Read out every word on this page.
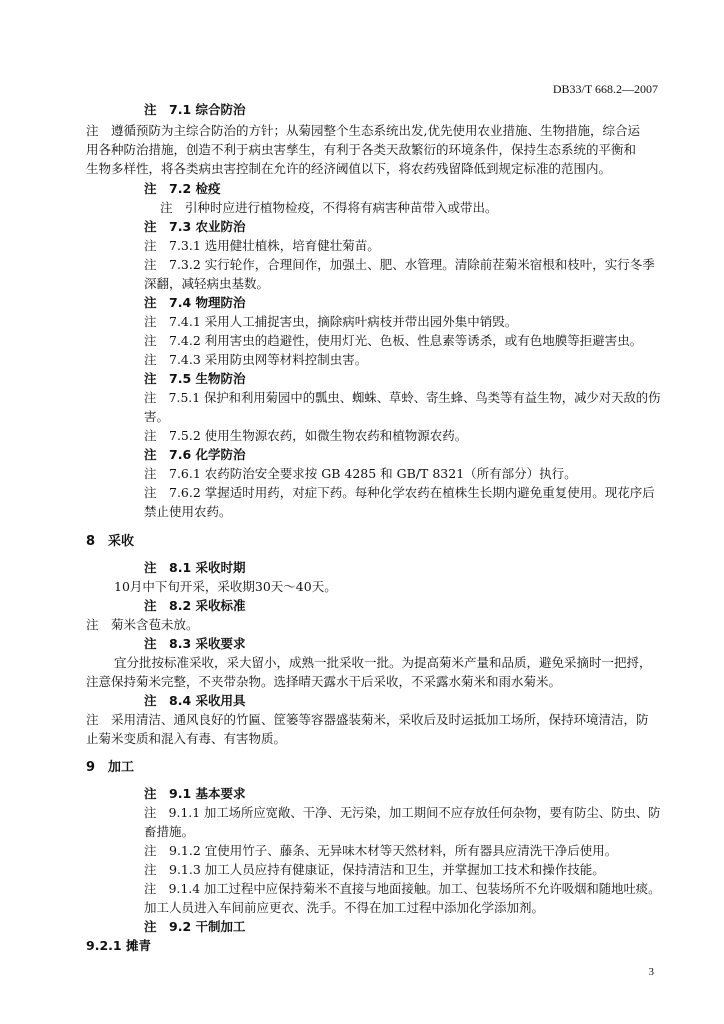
DB33/T 668.2—2007
注　7.1 综合防治
注　遵循预防为主综合防治的方针；从菊园整个生态系统出发,优先使用农业措施、生物措施，综合运
用各种防治措施，创造不利于病虫害孳生，有利于各类天敌繁衍的环境条件，保持生态系统的平衡和
生物多样性，将各类病虫害控制在允许的经济阈值以下，将农药残留降低到规定标准的范围内。
注　7.2 检疫
注　引种时应进行植物检疫，不得将有病害种苗带入或带出。
注　7.3 农业防治
注　7.3.1 选用健壮植株，培育健壮菊苗。
注　7.3.2 实行轮作，合理间作，加强土、肥、水管理。清除前茬菊米宿根和枝叶，实行冬季
深翻，减轻病虫基数。
注　7.4 物理防治
注　7.4.1 采用人工捕捉害虫，摘除病叶病枝并带出园外集中销毁。
注　7.4.2 利用害虫的趋避性，使用灯光、色板、性息素等诱杀，或有色地膜等拒避害虫。
注　7.4.3 采用防虫网等材料控制虫害。
注　7.5 生物防治
注　7.5.1 保护和利用菊园中的瓢虫、蜘蛛、草蛉、寄生蜂、鸟类等有益生物，减少对天敌的伤
害。
注　7.5.2 使用生物源农药，如微生物农药和植物源农药。
注　7.6 化学防治
注　7.6.1 农药防治安全要求按 GB 4285 和 GB/T 8321（所有部分）执行。
注　7.6.2 掌握适时用药，对症下药。每种化学农药在植株生长期内避免重复使用。现花序后
禁止使用农药。
8　采收
注　8.1 采收时期
10月中下旬开采，采收期30天～40天。
注　8.2 采收标准
注　菊米含苞未放。
注　8.3 采收要求
宜分批按标准采收，采大留小，成熟一批采收一批。为提高菊米产量和品质，避免采摘时一把捋，
注意保持菊米完整，不夹带杂物。选择晴天露水干后采收，不采露水菊米和雨水菊米。
注　8.4 采收用具
注　采用清洁、通风良好的竹匾、筐篓等容器盛装菊米，采收后及时运抵加工场所，保持环境清洁，防
止菊米变质和混入有毒、有害物质。
9　加工
注　9.1 基本要求
注　9.1.1 加工场所应宽敞、干净、无污染，加工期间不应存放任何杂物，要有防尘、防虫、防
畜措施。
注　9.1.2 宜使用竹子、藤条、无异味木材等天然材料，所有器具应清洗干净后使用。
注　9.1.3 加工人员应持有健康证，保持清洁和卫生，并掌握加工技术和操作技能。
注　9.1.4 加工过程中应保持菊米不直接与地面接触。加工、包装场所不允许吸烟和随地吐痰。
加工人员进入车间前应更衣、洗手。不得在加工过程中添加化学添加剂。
注　9.2 干制加工
9.2.1 摊青
3
